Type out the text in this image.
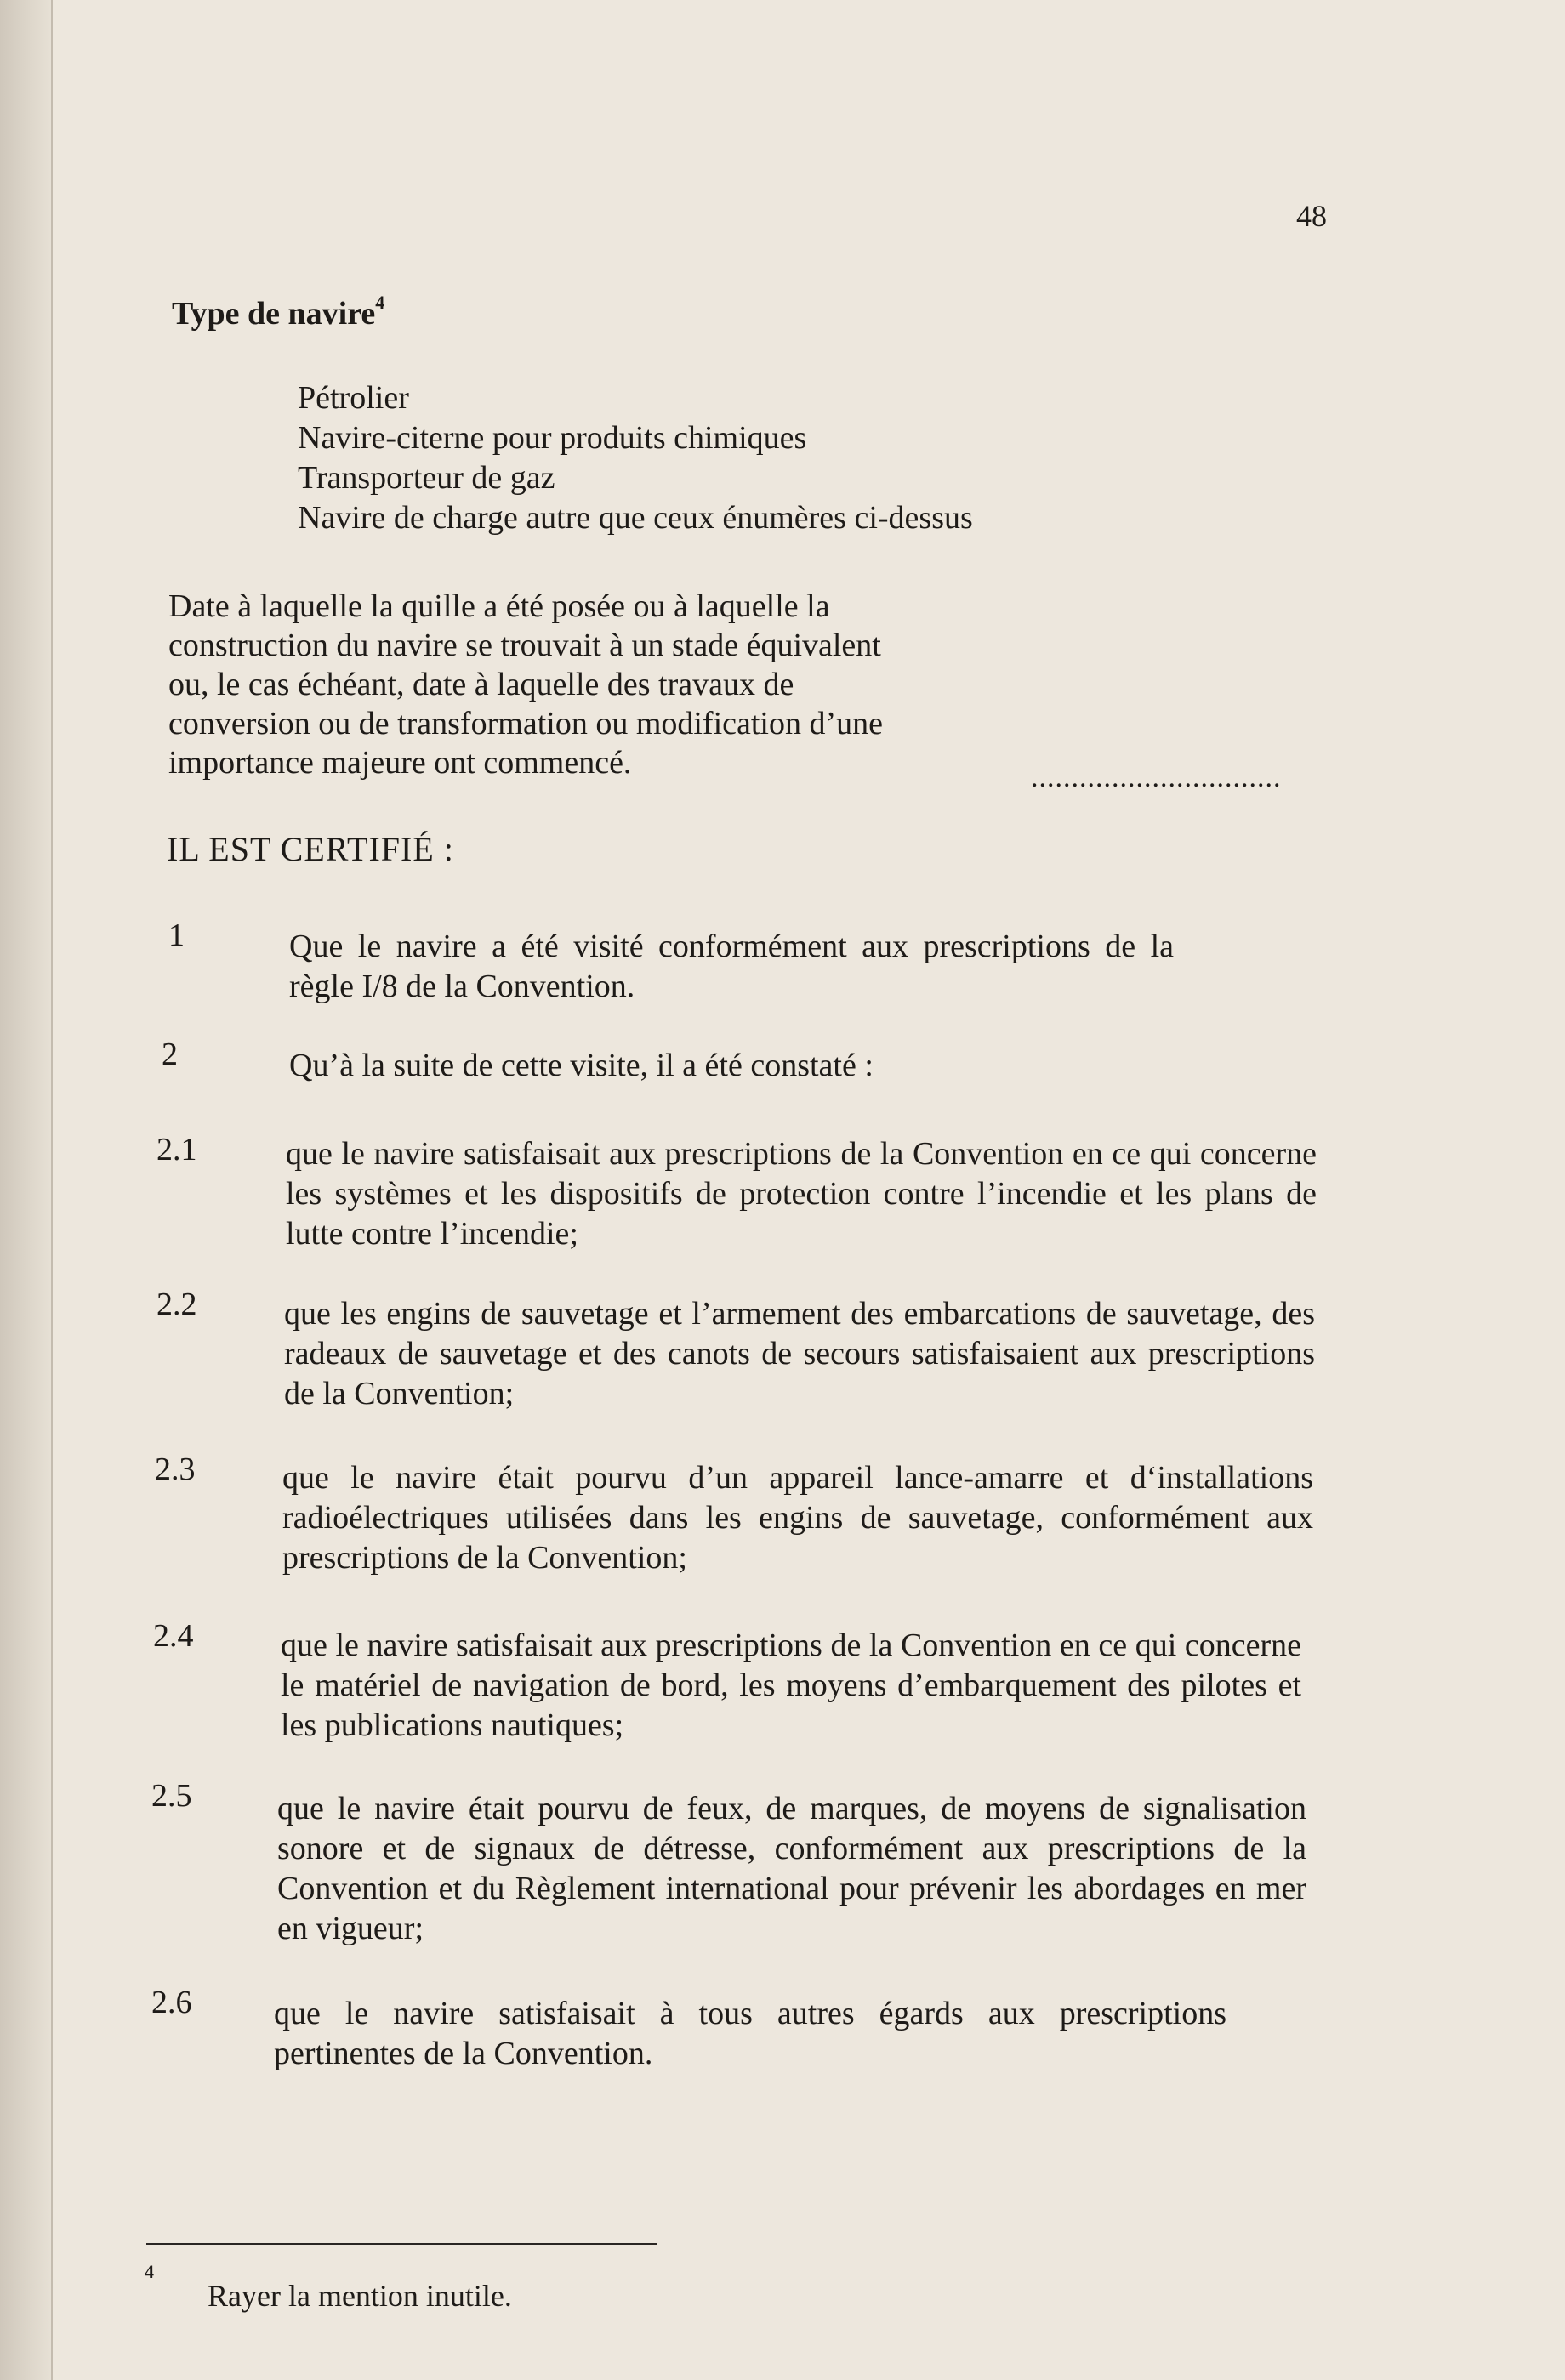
48
Type de navire$^4$
Pétrolier
Navire-citerne pour produits chimiques
Transporteur de gaz
Navire de charge autre que ceux énumères ci-dessus

Date à laquelle la quille a été posée ou à laquelle la

construction du navire se trouvait à un stade équivalent

ou, le cas échéant, date à laquelle des travaux de

conversion ou de transformation ou modification d’une

importance majeure ont commencé.	...............................
IL EST CERTIFIÉ :
1	Que le navire a été visité conformément aux prescriptions de la règle I/8 de la Convention.
2	Qu’à la suite de cette visite, il a été constaté :
2.1	que le navire satisfaisait aux prescriptions de la Convention en ce qui concerne les systèmes et les dispositifs de protection contre l’incendie et les plans de lutte contre l’incendie;
2.2	que les engins de sauvetage et l’armement des embarcations de sauvetage, des radeaux de sauvetage et des canots de secours satisfaisaient aux prescriptions de la Convention;
2.3	que le navire était pourvu d’un appareil lance-amarre et d‘installations radioélectriques utilisées dans les engins de sauvetage, conformément aux prescriptions de la Convention;
2.4	que le navire satisfaisait aux prescriptions de la Convention en ce qui concerne le matériel de navigation de bord, les moyens d’embarquement des pilotes et les publications nautiques;
2.5	que le navire était pourvu de feux, de marques, de moyens de signalisation sonore et de signaux de détresse, conformément aux prescriptions de la Convention et du Règlement international pour prévenir les abordages en mer en vigueur;
2.6	que le navire satisfaisait à tous autres égards aux prescriptions pertinentes de la Convention.
4
Rayer la mention inutile.
